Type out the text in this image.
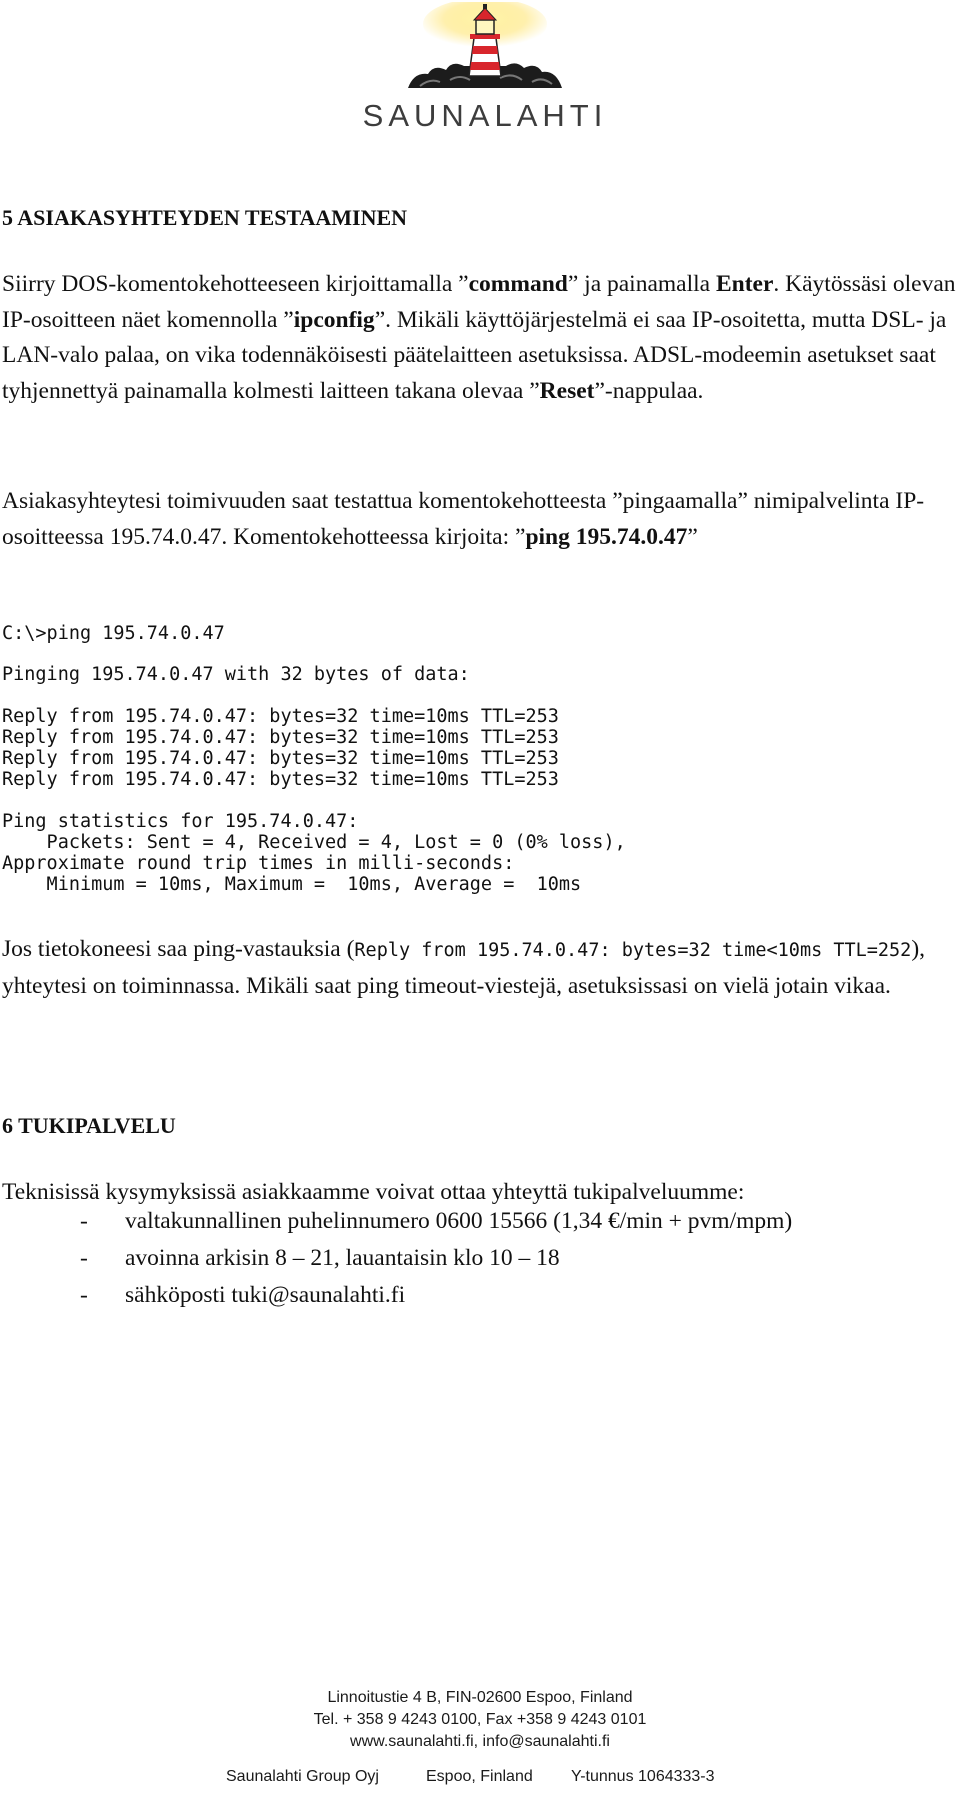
SAUNALAHTI
5 ASIAKASYHTEYDEN TESTAAMINEN
Siirry DOS-komentokehotteeseen kirjoittamalla ”command” ja painamalla Enter. Käytössäsi olevan IP-osoitteen näet komennolla ”ipconfig”. Mikäli käyttöjärjestelmä ei saa IP-osoitetta, mutta DSL- ja LAN-valo palaa, on vika todennäköisesti päätelaitteen asetuksissa. ADSL-modeemin asetukset saat tyhjennettyä painamalla kolmesti laitteen takana olevaa ”Reset”-nappulaa.
Asiakasyhteytesi toimivuuden saat testattua komentokehotteesta ”pingaamalla” nimipalvelinta IP-osoitteessa 195.74.0.47. Komentokehotteessa kirjoita: ”ping 195.74.0.47”
C:\>ping 195.74.0.47
Pinging 195.74.0.47 with 32 bytes of data:
Reply from 195.74.0.47: bytes=32 time=10ms TTL=253
Reply from 195.74.0.47: bytes=32 time=10ms TTL=253
Reply from 195.74.0.47: bytes=32 time=10ms TTL=253
Reply from 195.74.0.47: bytes=32 time=10ms TTL=253
Ping statistics for 195.74.0.47:
Packets: Sent = 4, Received = 4, Lost = 0 (0% loss),
Approximate round trip times in milli-seconds:
Minimum = 10ms, Maximum =  10ms, Average =  10ms
Jos tietokoneesi saa ping-vastauksia (Reply from 195.74.0.47: bytes=32 time<10ms TTL=252), yhteytesi on toiminnassa. Mikäli saat ping timeout-viestejä, asetuksissasi on vielä jotain vikaa.
6 TUKIPALVELU
Teknisissä kysymyksissä asiakkaamme voivat ottaa yhteyttä tukipalveluumme:
- valtakunnallinen puhelinnumero 0600 15566 (1,34 €/min + pvm/mpm)
- avoinna arkisin 8 – 21, lauantaisin klo 10 – 18
- sähköposti tuki@saunalahti.fi
Linnoitustie 4 B, FIN-02600 Espoo, Finland
Tel. + 358 9 4243 0100, Fax +358 9 4243 0101
www.saunalahti.fi, info@saunalahti.fi
Saunalahti Group Oyj	Espoo, Finland Y-tunnus 1064333-3
